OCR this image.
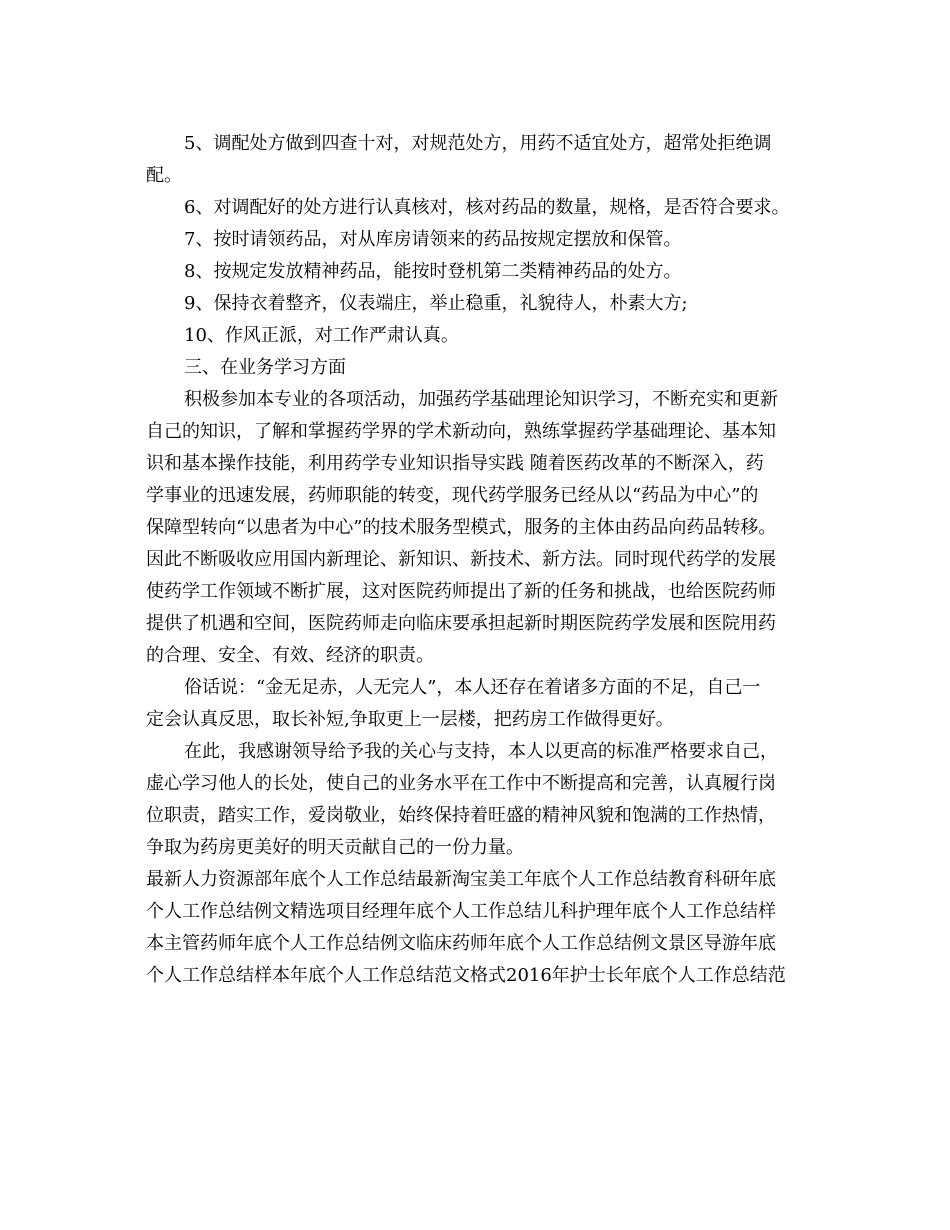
5、调配处方做到四查十对，对规范处方，用药不适宜处方，超常处拒绝调
配。
6、对调配好的处方进行认真核对，核对药品的数量，规格，是否符合要求。
7、按时请领药品，对从库房请领来的药品按规定摆放和保管。
8、按规定发放精神药品，能按时登机第二类精神药品的处方。
9、保持衣着整齐，仪表端庄，举止稳重，礼貌待人，朴素大方;
10、作风正派，对工作严肃认真。
三、在业务学习方面
积极参加本专业的各项活动，加强药学基础理论知识学习，不断充实和更新
自己的知识，了解和掌握药学界的学术新动向，熟练掌握药学基础理论、基本知
识和基本操作技能，利用药学专业知识指导实践 随着医药改革的不断深入，药
学事业的迅速发展，药师职能的转变，现代药学服务已经从以“药品为中心”的
保障型转向“以患者为中心”的技术服务型模式，服务的主体由药品向药品转移。
因此不断吸收应用国内新理论、新知识、新技术、新方法。同时现代药学的发展
使药学工作领域不断扩展，这对医院药师提出了新的任务和挑战，也给医院药师
提供了机遇和空间，医院药师走向临床要承担起新时期医院药学发展和医院用药
的合理、安全、有效、经济的职责。
俗话说：“金无足赤，人无完人”，本人还存在着诸多方面的不足，自己一
定会认真反思，取长补短,争取更上一层楼，把药房工作做得更好。
在此，我感谢领导给予我的关心与支持，本人以更高的标准严格要求自己，
虚心学习他人的长处，使自己的业务水平在工作中不断提高和完善，认真履行岗
位职责，踏实工作，爱岗敬业，始终保持着旺盛的精神风貌和饱满的工作热情，
争取为药房更美好的明天贡献自己的一份力量。
最新人力资源部年底个人工作总结最新淘宝美工年底个人工作总结教育科研年底
个人工作总结例文精选项目经理年底个人工作总结儿科护理年底个人工作总结样
本主管药师年底个人工作总结例文临床药师年底个人工作总结例文景区导游年底
个人工作总结样本年底个人工作总结范文格式2016年护士长年底个人工作总结范
